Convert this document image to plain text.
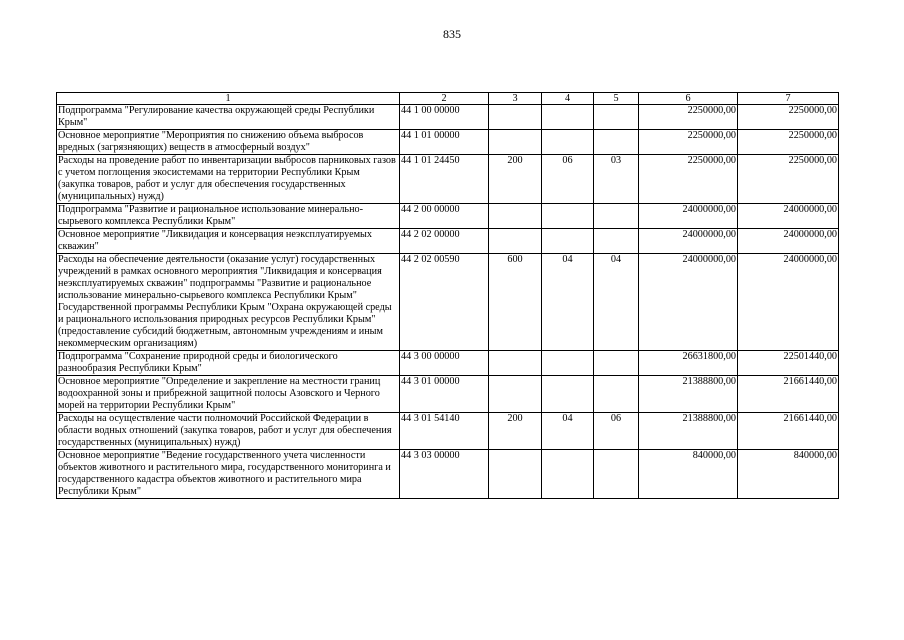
835
1	2	3	4	5	6	7
Подпрограмма "Регулирование качества окружающей среды Республики Крым"	44 1 00 00000				2250000,00	2250000,00
Основное мероприятие "Мероприятия по снижению объема выбросов вредных (загрязняющих) веществ в атмосферный воздух"	44 1 01 00000				2250000,00	2250000,00
Расходы на проведение работ по инвентаризации выбросов парниковых газов с учетом поглощения экосистемами на территории Республики Крым (закупка товаров, работ и услуг для обеспечения государственных (муниципальных) нужд)	44 1 01 24450	200	06	03	2250000,00	2250000,00
Подпрограмма "Развитие и рациональное использование минерально-сырьевого комплекса Республики Крым"	44 2 00 00000				24000000,00	24000000,00
Основное мероприятие "Ликвидация и консервация неэксплуатируемых скважин"	44 2 02 00000				24000000,00	24000000,00
Расходы на обеспечение деятельности (оказание услуг) государственных учреждений в рамках основного мероприятия "Ликвидация и консервация неэксплуатируемых скважин" подпрограммы "Развитие и рациональное использование минерально-сырьевого комплекса Республики Крым" Государственной программы Республики Крым "Охрана окружающей среды и рационального использования природных ресурсов Республики Крым" (предоставление субсидий бюджетным, автономным учреждениям и иным некоммерческим организациям)	44 2 02 00590	600	04	04	24000000,00	24000000,00
Подпрограмма "Сохранение природной среды и биологического разнообразия Республики Крым"	44 3 00 00000				26631800,00	22501440,00
Основное мероприятие "Определение и закрепление на местности границ водоохранной зоны и прибрежной защитной полосы Азовского и Черного морей на территории Республики Крым"	44 3 01 00000				21388800,00	21661440,00
Расходы на осуществление части полномочий Российской Федерации в области водных отношений (закупка товаров, работ и услуг для обеспечения государственных (муниципальных) нужд)	44 3 01 54140	200	04	06	21388800,00	21661440,00
Основное мероприятие "Ведение государственного учета численности объектов животного и растительного мира, государственного мониторинга и государственного кадастра объектов животного и растительного мира Республики Крым"	44 3 03 00000				840000,00	840000,00
